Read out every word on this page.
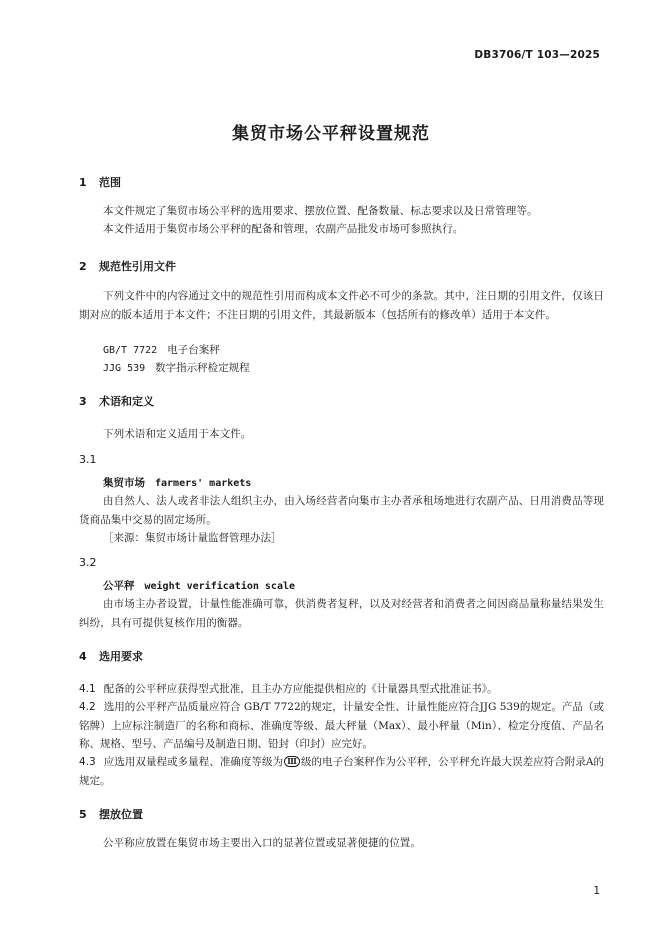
DB3706/T 103—2025
集贸市场公平秤设置规范
1 范围
本文件规定了集贸市场公平秤的选用要求、摆放位置、配备数量、标志要求以及日常管理等。
本文件适用于集贸市场公平秤的配备和管理，农副产品批发市场可参照执行。
2 规范性引用文件
下列文件中的内容通过文中的规范性引用而构成本文件必不可少的条款。其中，注日期的引用文件，仅该日期对应的版本适用于本文件；不注日期的引用文件，其最新版本（包括所有的修改单）适用于本文件。
GB/T 7722 电子台案秤
JJG 539 数字指示秤检定规程
3 术语和定义
下列术语和定义适用于本文件。
3.1
集贸市场 farmers' markets
由自然人、法人或者非法人组织主办，由入场经营者向集市主办者承租场地进行农副产品、日用消费品等现货商品集中交易的固定场所。
［来源：集贸市场计量监督管理办法］
3.2
公平秤 weight verification scale
由市场主办者设置，计量性能准确可靠，供消费者复秤，以及对经营者和消费者之间因商品量称量结果发生纠纷，具有可提供复核作用的衡器。
4 选用要求
4.1 配备的公平秤应获得型式批准，且主办方应能提供相应的《计量器具型式批准证书》。
4.2 选用的公平秤产品质量应符合 GB/T 7722的规定，计量安全性、计量性能应符合JJG 539的规定。产品（或铭牌）上应标注制造厂的名称和商标、准确度等级、最大秤量（Max）、最小秤量（Min）、检定分度值、产品名称、规格、型号、产品编号及制造日期、铅封（印封）应完好。
4.3 应选用双量程或多量程、准确度等级为 Ⅲ 级的电子台案秤作为公平秤，公平秤允许最大误差应符合附录A的规定。
5 摆放位置
公平称应放置在集贸市场主要出入口的显著位置或显著便捷的位置。
1
